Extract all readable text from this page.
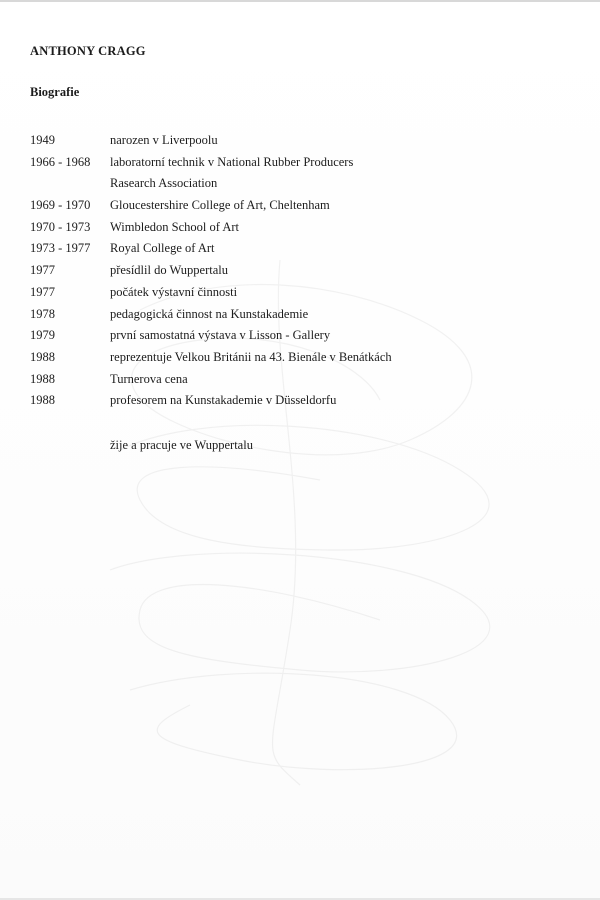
ANTHONY CRAGG
Biografie
1949	narozen v Liverpoolu
1966 - 1968	laboratorní technik v National Rubber Producers
Rasearch Association
1969 - 1970	Gloucestershire College of Art, Cheltenham
1970 - 1973	Wimbledon School of Art
1973 - 1977	Royal College of Art
1977	přesídlil do Wuppertalu
1977	počátek výstavní činnosti
1978	pedagogická činnost na Kunstakademie
1979	první samostatná výstava v Lisson - Gallery
1988	reprezentuje Velkou Británii na 43. Bienále v Benátkách
1988	Turnerova cena
1988	profesorem na Kunstakademie v Düsseldorfu
žije a pracuje ve Wuppertalu
